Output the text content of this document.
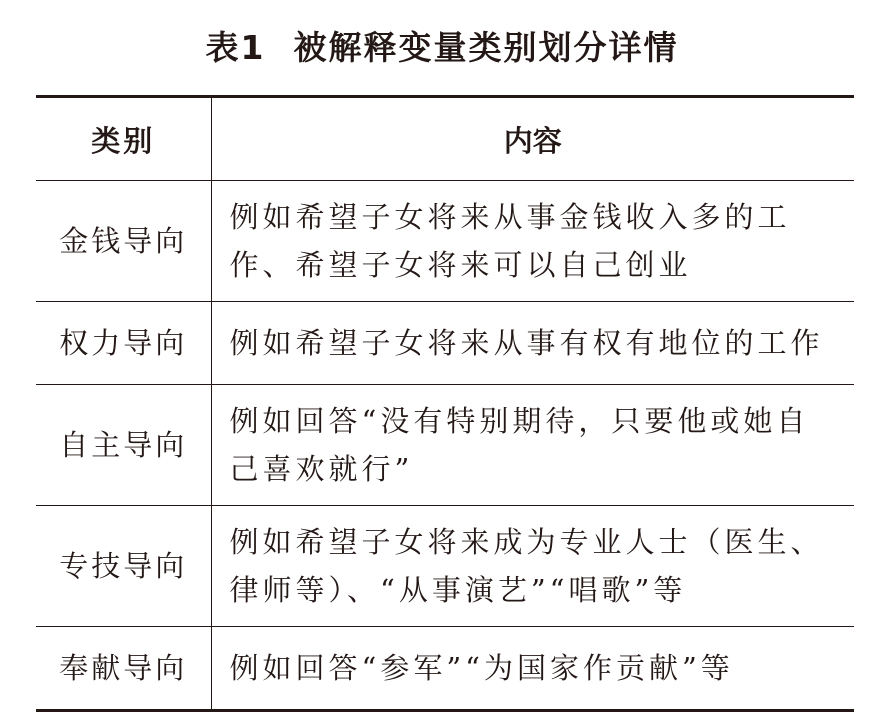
表1 被解释变量类别划分详情
类别	内容
金钱导向	例如希望子女将来从事金钱收入多的工作、希望子女将来可以自己创业
权力导向	例如希望子女将来从事有权有地位的工作
自主导向	例如回答“没有特别期待，只要他或她自己喜欢就行”
专技导向	例如希望子女将来成为专业人士（医生、律师等）、“从事演艺”“唱歌”等
奉献导向	例如回答“参军”“为国家作贡献”等
